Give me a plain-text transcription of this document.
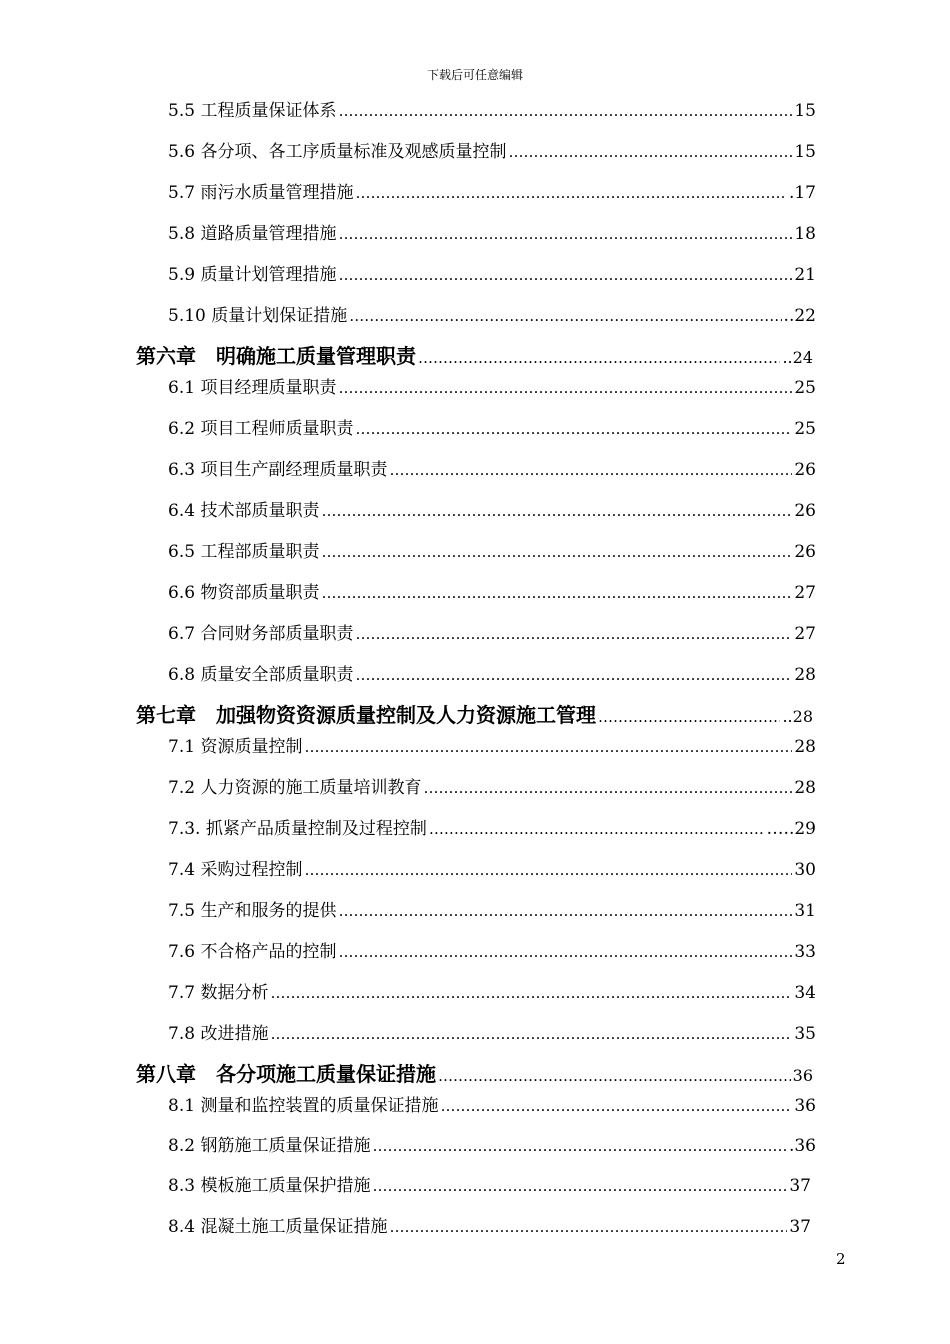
下载后可任意编辑
5.5 工程质量保证体系 ……………………………………………………………………………………………………………………………………………………………………	15
5.6 各分项、各工序质量标准及观感质量控制 ……………………………………………………………………………………………………………………………………………………………………	15
5.7 雨污水质量管理措施 ……………………………………………………………………………………………………………………………………………………………………	.17
5.8 道路质量管理措施 ……………………………………………………………………………………………………………………………………………………………………	18
5.9 质量计划管理措施 ……………………………………………………………………………………………………………………………………………………………………	21
5.10 质量计划保证措施 ……………………………………………………………………………………………………………………………………………………………………	..22
第六章　明确施工质量管理职责 ……………………………………………………………………………………………………………………………………………………………………	..24
6.1 项目经理质量职责 ……………………………………………………………………………………………………………………………………………………………………	25
6.2 项目工程师质量职责 ……………………………………………………………………………………………………………………………………………………………………	25
6.3 项目生产副经理质量职责 ……………………………………………………………………………………………………………………………………………………………………	26
6.4 技术部质量职责 ……………………………………………………………………………………………………………………………………………………………………	26
6.5 工程部质量职责 ……………………………………………………………………………………………………………………………………………………………………	26
6.6 物资部质量职责 ……………………………………………………………………………………………………………………………………………………………………	27
6.7 合同财务部质量职责 ……………………………………………………………………………………………………………………………………………………………………	27
6.8 质量安全部质量职责 ……………………………………………………………………………………………………………………………………………………………………	28
第七章　加强物资资源质量控制及人力资源施工管理 ……………………………………………………………………………………………………………………………………………………………………	..28
7.1 资源质量控制 ……………………………………………………………………………………………………………………………………………………………………	28
7.2 人力资源的施工质量培训教育 ……………………………………………………………………………………………………………………………………………………………………	28
7.3. 抓紧产品质量控制及过程控制 ……………………………………………………………………………………………………………………………………………………………………	…..29
7.4 采购过程控制 ……………………………………………………………………………………………………………………………………………………………………	30
7.5 生产和服务的提供 ……………………………………………………………………………………………………………………………………………………………………	31
7.6 不合格产品的控制 ……………………………………………………………………………………………………………………………………………………………………	33
7.7 数据分析 ……………………………………………………………………………………………………………………………………………………………………	34
7.8 改进措施 ……………………………………………………………………………………………………………………………………………………………………	35
第八章　各分项施工质量保证措施 ……………………………………………………………………………………………………………………………………………………………………	36
8.1 测量和监控装置的质量保证措施 ……………………………………………………………………………………………………………………………………………………………………	36
8.2 钢筋施工质量保证措施 ……………………………………………………………………………………………………………………………………………………………………	.36
8.3 模板施工质量保护措施 ……………………………………………………………………………………………………………………………………………………………………	37
8.4 混凝土施工质量保证措施 ……………………………………………………………………………………………………………………………………………………………………	37
2
